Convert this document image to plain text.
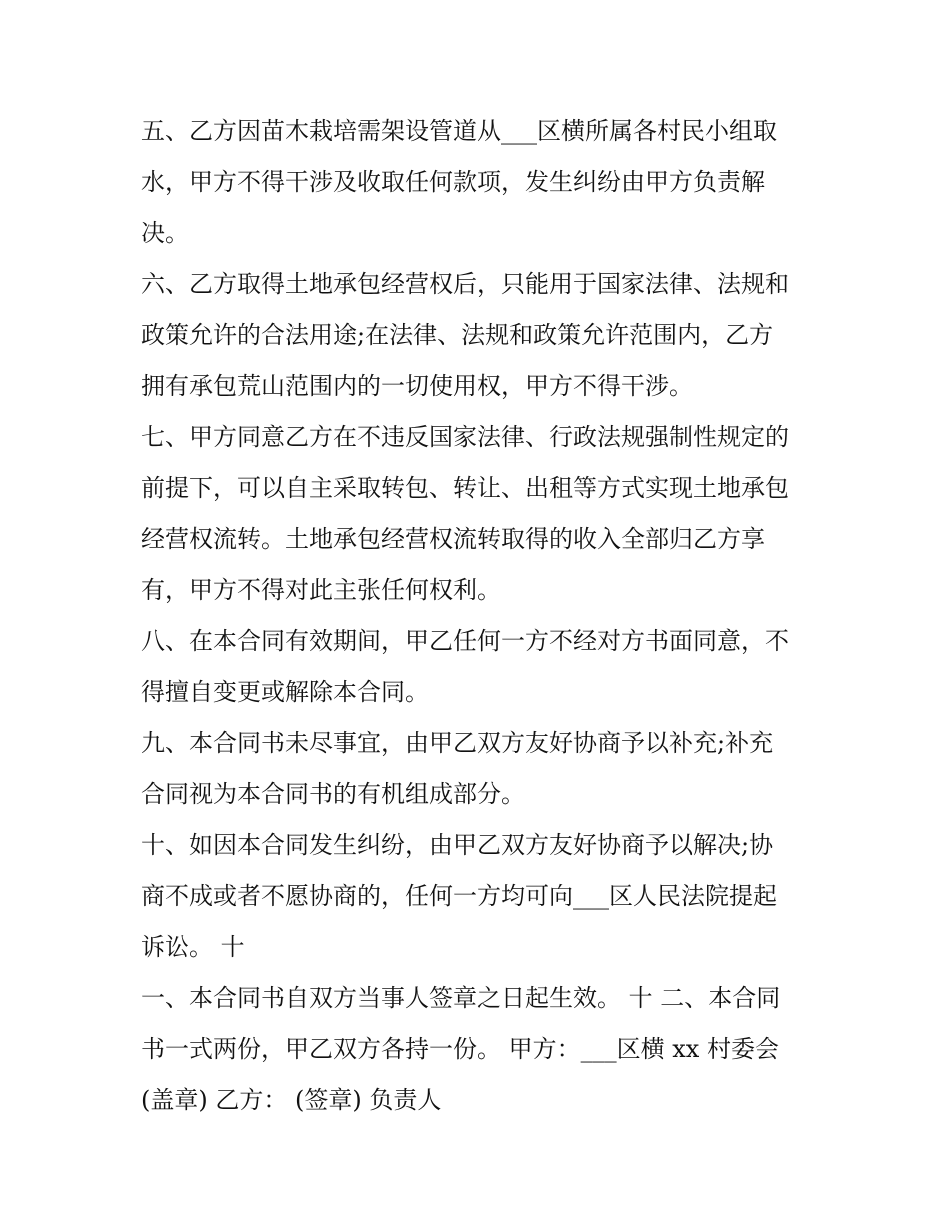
五、乙方因苗木栽培需架设管道从___区横所属各村民小组取
水，甲方不得干涉及收取任何款项，发生纠纷由甲方负责解
决。
六、乙方取得土地承包经营权后，只能用于国家法律、法规和
政策允许的合法用途;在法律、法规和政策允许范围内，乙方
拥有承包荒山范围内的一切使用权，甲方不得干涉。
七、甲方同意乙方在不违反国家法律、行政法规强制性规定的
前提下，可以自主采取转包、转让、出租等方式实现土地承包
经营权流转。土地承包经营权流转取得的收入全部归乙方享
有，甲方不得对此主张任何权利。
八、在本合同有效期间，甲乙任何一方不经对方书面同意，不
得擅自变更或解除本合同。
九、本合同书未尽事宜，由甲乙双方友好协商予以补充;补充
合同视为本合同书的有机组成部分。
十、如因本合同发生纠纷，由甲乙双方友好协商予以解决;协
商不成或者不愿协商的，任何一方均可向___区人民法院提起
诉讼。 十
一、本合同书自双方当事人签章之日起生效。 十 二、本合同
书一式两份，甲乙双方各持一份。 甲方：___区横 xx 村委会
(盖章) 乙方： (签章) 负责人
